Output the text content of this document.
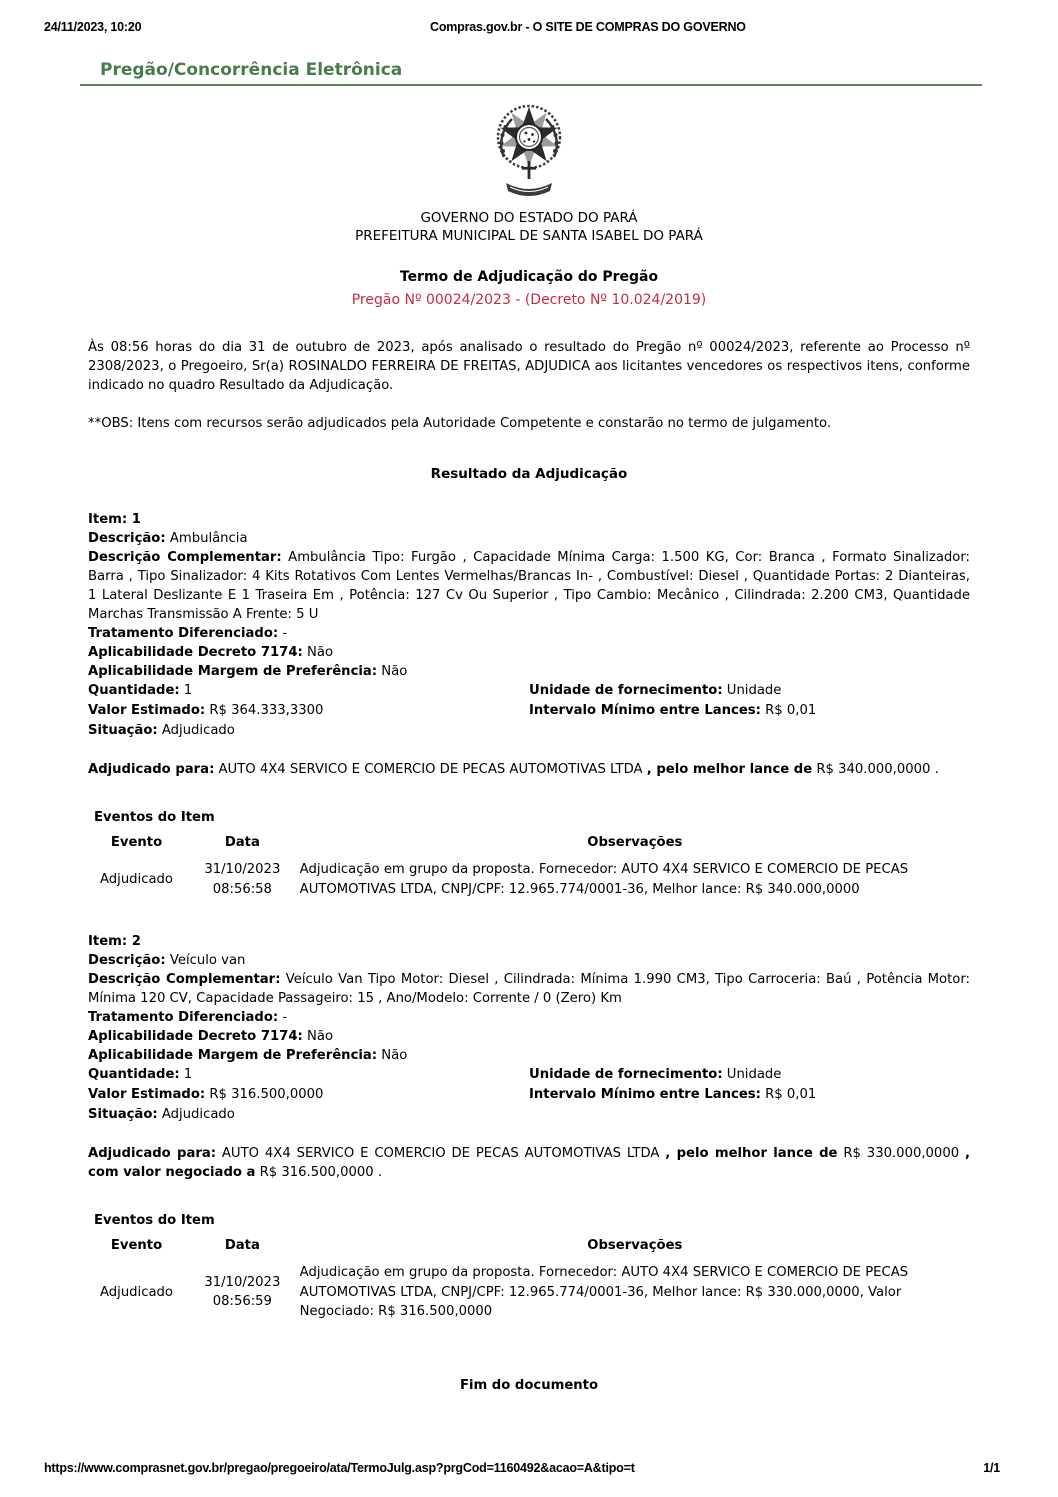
24/11/2023, 10:20	Compras.gov.br - O SITE DE COMPRAS DO GOVERNO
Pregão/Concorrência Eletrônica
GOVERNO DO ESTADO DO PARÁ
PREFEITURA MUNICIPAL DE SANTA ISABEL DO PARÁ
Termo de Adjudicação do Pregão
Pregão Nº 00024/2023 - (Decreto Nº 10.024/2019)

Às 08:56 horas do dia 31 de outubro de 2023, após analisado o resultado do Pregão nº 00024/2023, referente ao Processo nº 2308/2023, o Pregoeiro, Sr(a) ROSINALDO FERREIRA DE FREITAS, ADJUDICA aos licitantes vencedores os respectivos itens, conforme indicado no quadro Resultado da Adjudicação.

**OBS: Itens com recursos serão adjudicados pela Autoridade Competente e constarão no termo de julgamento.

Resultado da Adjudicação
Item: 1
Descrição: Ambulância

Descrição Complementar: Ambulância Tipo: Furgão , Capacidade Mínima Carga: 1.500 KG, Cor: Branca , Formato Sinalizador: Barra , Tipo Sinalizador: 4 Kits Rotativos Com Lentes Vermelhas/Brancas In- , Combustível: Diesel , Quantidade Portas: 2 Dianteiras, 1 Lateral Deslizante E 1 Traseira Em , Potência: 127 Cv Ou Superior , Tipo Cambio: Mecânico , Cilindrada: 2.200 CM3, Quantidade Marchas Transmissão A Frente: 5 U

Tratamento Diferenciado: -
Aplicabilidade Decreto 7174: Não
Aplicabilidade Margem de Preferência: Não
Quantidade: 1	Unidade de fornecimento: Unidade
Valor Estimado: R$ 364.333,3300	Intervalo Mínimo entre Lances: R$ 0,01
Situação: Adjudicado

Adjudicado para: AUTO 4X4 SERVICO E COMERCIO DE PECAS AUTOMOTIVAS LTDA , pelo melhor lance de R$ 340.000,0000 .

Eventos do Item
Evento	Data	Observações
Adjudicado	31/10/2023 08:56:58	Adjudicação em grupo da proposta. Fornecedor: AUTO 4X4 SERVICO E COMERCIO DE PECAS AUTOMOTIVAS LTDA, CNPJ/CPF: 12.965.774/0001-36, Melhor lance: R$ 340.000,0000
Item: 2
Descrição: Veículo van

Descrição Complementar: Veículo Van Tipo Motor: Diesel , Cilindrada: Mínima 1.990 CM3, Tipo Carroceria: Baú , Potência Motor: Mínima 120 CV, Capacidade Passageiro: 15 , Ano/Modelo: Corrente / 0 (Zero) Km

Tratamento Diferenciado: -
Aplicabilidade Decreto 7174: Não
Aplicabilidade Margem de Preferência: Não
Quantidade: 1	Unidade de fornecimento: Unidade
Valor Estimado: R$ 316.500,0000	Intervalo Mínimo entre Lances: R$ 0,01
Situação: Adjudicado

Adjudicado para: AUTO 4X4 SERVICO E COMERCIO DE PECAS AUTOMOTIVAS LTDA , pelo melhor lance de R$ 330.000,0000 , com valor negociado a R$ 316.500,0000 .

Eventos do Item
Evento	Data	Observações
Adjudicado	31/10/2023 08:56:59	Adjudicação em grupo da proposta. Fornecedor: AUTO 4X4 SERVICO E COMERCIO DE PECAS AUTOMOTIVAS LTDA, CNPJ/CPF: 12.965.774/0001-36, Melhor lance: R$ 330.000,0000, Valor Negociado: R$ 316.500,0000
Fim do documento
https://www.comprasnet.gov.br/pregao/pregoeiro/ata/TermoJulg.asp?prgCod=1160492&acao=A&tipo=t	1/1
